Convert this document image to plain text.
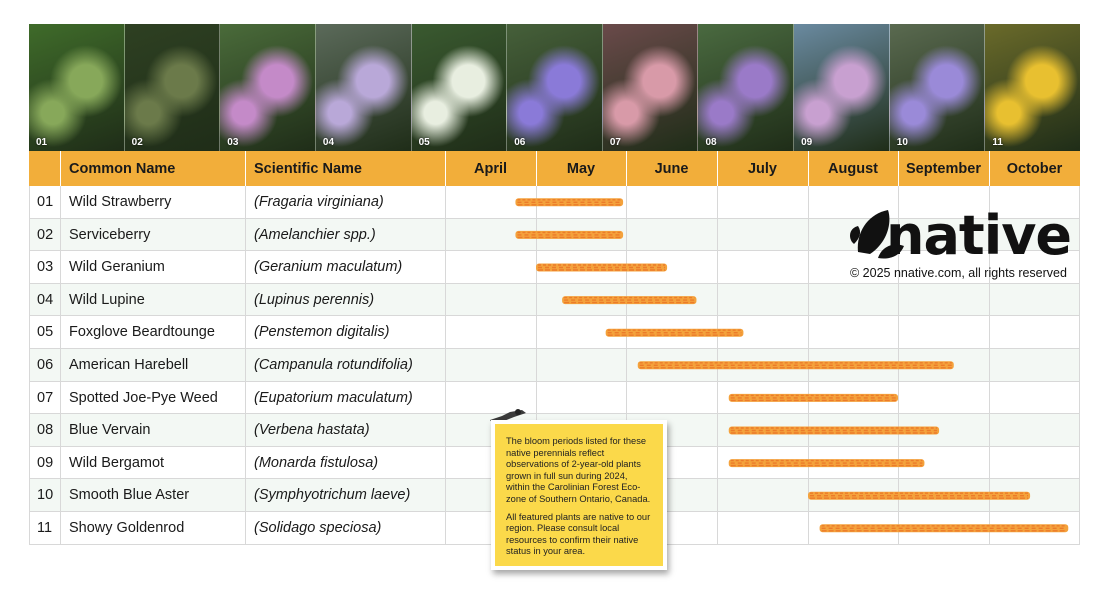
01	02	03	04	05	06	07	08	09	10	11
Common Name	Scientific Name	April	May	June	July	August	September	October
01 Wild Strawberry	(Fragaria virginiana)
02 Serviceberry	(Amelanchier spp.)
03 Wild Geranium	(Geranium maculatum)
04 Wild Lupine	(Lupinus perennis)
05 Foxglove Beardtounge	(Penstemon digitalis)
06 American Harebell	(Campanula rotundifolia)
07 Spotted Joe-Pye Weed (Eupatorium maculatum)
08 Blue Vervain	(Verbena hastata)
09 Wild Bergamot	(Monarda fistulosa)
10 Smooth Blue Aster	(Symphyotrichum laeve)
11 Showy Goldenrod	(Solidago speciosa)
native
© 2025 nnative.com, all rights reserved

The bloom periods listed for these native perennials reflect observations of 2-year-old plants grown in full sun during 2024, within the Carolinian Forest Eco-zone of Southern Ontario, Canada.

All featured plants are native to our region. Please consult local resources to confirm their native status in your area.
